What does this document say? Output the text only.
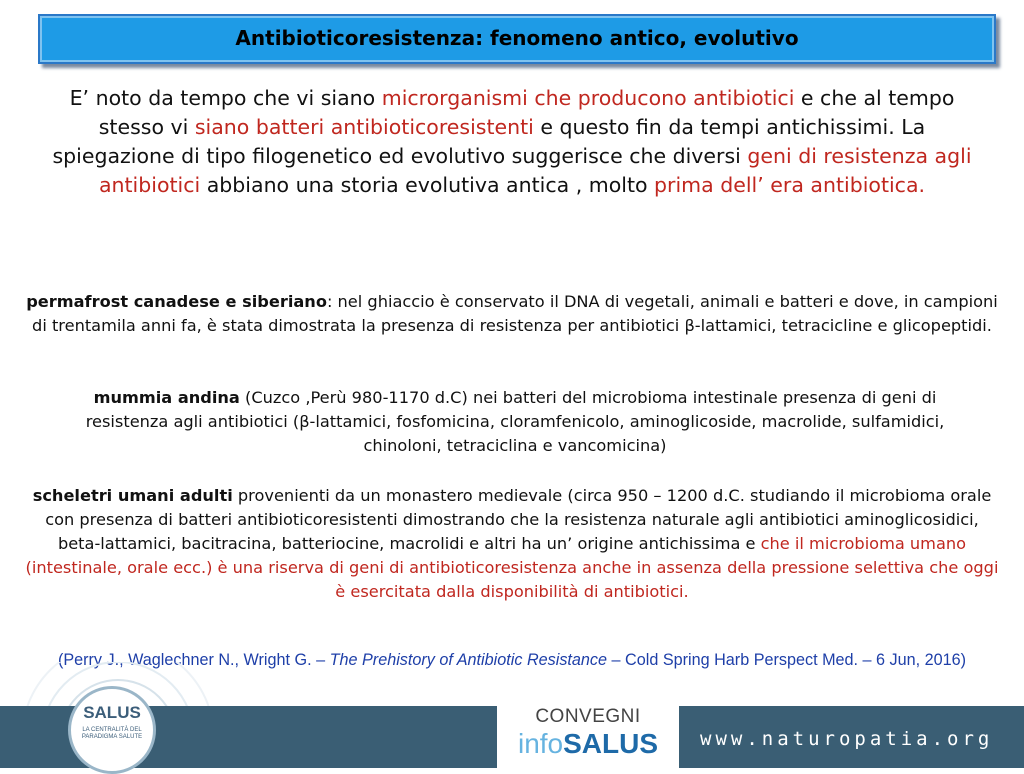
Antibioticoresistenza: fenomeno antico, evolutivo
E’ noto da tempo che vi siano microrganismi che producono antibiotici e che al tempo stesso vi siano batteri antibioticoresistenti e questo fin da tempi antichissimi. La spiegazione di tipo filogenetico ed evolutivo suggerisce che diversi geni di resistenza agli antibiotici abbiano una storia evolutiva antica , molto prima dell’ era antibiotica.
permafrost canadese e siberiano: nel ghiaccio è conservato il DNA di vegetali, animali e batteri e dove, in campioni di trentamila anni fa, è stata dimostrata la presenza di resistenza per antibiotici β-lattamici, tetracicline e glicopeptidi.
mummia andina (Cuzco ,Perù 980-1170 d.C) nei batteri del microbioma intestinale presenza di geni di resistenza agli antibiotici (β-lattamici, fosfomicina, cloramfenicolo, aminoglicoside, macrolide, sulfamidici, chinoloni, tetraciclina e vancomicina)
scheletri umani adulti provenienti da un monastero medievale (circa 950 – 1200 d.C. studiando il microbioma orale con presenza di batteri antibioticoresistenti dimostrando che la resistenza naturale agli antibiotici aminoglicosidici, beta-lattamici, bacitracina, batteriocine, macrolidi e altri ha un’ origine antichissima e che il microbioma umano (intestinale, orale ecc.) è una riserva di geni di antibioticoresistenza anche in assenza della pressione selettiva che oggi è esercitata dalla disponibilità di antibiotici.
(Perry J., Waglechner N., Wright G. – The Prehistory of Antibiotic Resistance – Cold Spring Harb Perspect Med. – 6 Jun, 2016)
SALUS
LA CENTRALITÀ DEL PARADIGMA SALUTE
CONVEGNI
infoSALUS	www.naturopatia.org
